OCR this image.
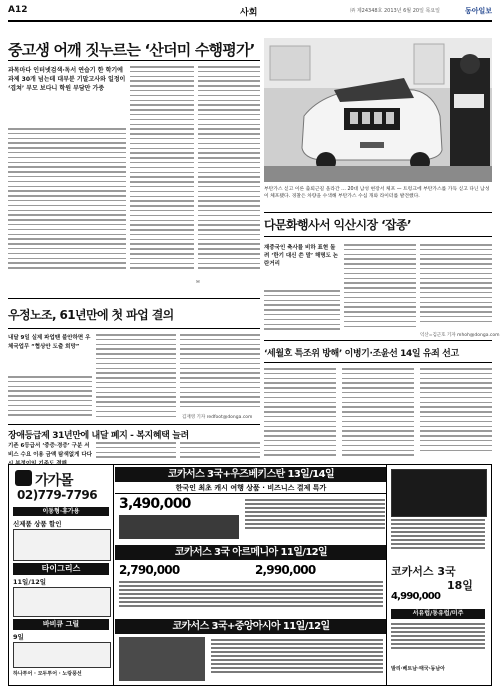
A12	사회	㈜ 제24348호 2013년 6월 20일 목요일	동아일보
중고생 어깨 짓누르는 ‘산더미 수행평가’
과목마다 인터넷검색·독서 연습기 한 학기에 과제 30개 넘는데 대부분 기말고사와 일정이 ‘겹쳐’ 부모 보다니 학원 부담만 가중
✉
부탄가스 싣고 이른 출퇴근길 올라간 … 20대 남성 현장서 체포 — 트렁크에 부탄가스를 가득 싣고 다닌 남성이 체포됐다. 경찰은 차량을 수색해 부탄가스 수십 개와 라이터를 발견했다.
다문화행사서 익산시장 ‘잡종’
재중국인 축사를 비하 표현 돌려 ‘한기 대신 쓴 말’ 해명도 논란거리
익산=김근호 기자 mhoh@donga.com
우정노조, 61년만에 첫 파업 결의
내달 9일 실제 파업땐 불안하면 우체국업무 “협상안 도출 희망”
김재영 기자 redfoot@donga.com
‘세월호 특조위 방해’ 이병기·조윤선 14일 유죄 선고
장애등급제 31년만에 내달 폐지 - 복지혜택 늘려
기존 6등급서 ‘중증·경증’ 구분 서비스 수요 이용 금액 탐색없게 다다
가가몰
02)779-7796
이동형·휴가용
신제품 상품 할인
타이그리스
11일/12일
바비큐 그릴
9일
하나투어 · 모두투어 · 노랑풍선
코카서스 3국+우즈베키스탄 13일/14일
한국인 최초 캐시 여행 상품 · 비즈니스 결제 특가
3,490,000
코카서스 3국 아르메니아 11일/12일
2,790,000	2,990,000
코카서스 3국+중앙아시아 11일/12일
코카서스 3국
18일
4,990,000
서유럽/동유럽/미주
발리·베트남·태국·동남아
